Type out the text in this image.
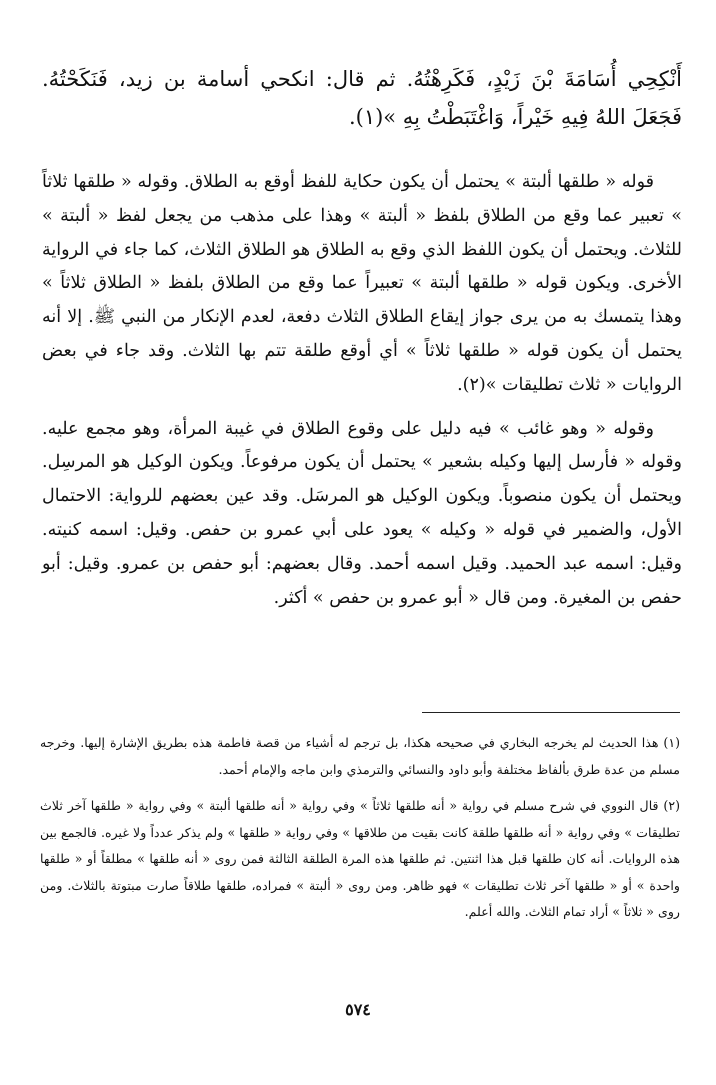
أَنْكِحِي أُسَامَةَ بْنَ زَيْدٍ، فَكَرِهْتُهُ. ثم قال: انكحي أسامة بن زيد، فَنَكَحْتُهُ. فَجَعَلَ اللهُ فِيهِ خَيْراً، وَاغْتَبَطْتُ بِهِ »(١).

قوله « طلقها ألبتة » يحتمل أن يكون حكاية للفظ أوقع به الطلاق. وقوله « طلقها ثلاثاً » تعبير عما وقع من الطلاق بلفظ « ألبتة » وهذا على مذهب من يجعل لفظ « ألبتة » للثلاث. ويحتمل أن يكون اللفظ الذي وقع به الطلاق هو الطلاق الثلاث، كما جاء في الرواية الأخرى. ويكون قوله « طلقها ألبتة » تعبيراً عما وقع من الطلاق بلفظ « الطلاق ثلاثاً » وهذا يتمسك به من يرى جواز إيقاع الطلاق الثلاث دفعة، لعدم الإنكار من النبي ﷺ. إلا أنه يحتمل أن يكون قوله « طلقها ثلاثاً » أي أوقع طلقة تتم بها الثلاث. وقد جاء في بعض الروايات « ثلاث تطليقات »(٢).

وقوله « وهو غائب » فيه دليل على وقوع الطلاق في غيبة المرأة، وهو مجمع عليه. وقوله « فأرسل إليها وكيله بشعير » يحتمل أن يكون مرفوعاً. ويكون الوكيل هو المرسِل. ويحتمل أن يكون منصوباً. ويكون الوكيل هو المرسَل. وقد عين بعضهم للرواية: الاحتمال الأول، والضمير في قوله « وكيله » يعود على أبي عمرو بن حفص. وقيل: اسمه كنيته. وقيل: اسمه عبد الحميد. وقيل اسمه أحمد. وقال بعضهم: أبو حفص بن عمرو. وقيل: أبو حفص بن المغيرة. ومن قال « أبو عمرو بن حفص » أكثر.

(١) هذا الحديث لم يخرجه البخاري في صحيحه هكذا، بل ترجم له أشياء من قصة فاطمة هذه بطريق الإشارة إليها. وخرجه مسلم من عدة طرق بألفاظ مختلفة وأبو داود والنسائي والترمذي وابن ماجه والإمام أحمد.

(٢) قال النووي في شرح مسلم في رواية « أنه طلقها ثلاثاً » وفي رواية « أنه طلقها ألبتة » وفي رواية « طلقها آخر ثلاث تطليقات » وفي رواية « أنه طلقها طلقة كانت بقيت من طلاقها » وفي رواية « طلقها » ولم يذكر عدداً ولا غيره. فالجمع بين هذه الروايات. أنه كان طلقها قبل هذا اثنتين. ثم طلقها هذه المرة الطلقة الثالثة فمن روى « أنه طلقها » مطلقاً أو « طلقها واحدة » أو « طلقها آخر ثلاث تطليقات » فهو ظاهر. ومن روى « ألبتة » فمراده، طلقها طلاقاً صارت مبتوتة بالثلاث. ومن روى « ثلاثاً » أراد تمام الثلاث. والله أعلم.

٥٧٤
